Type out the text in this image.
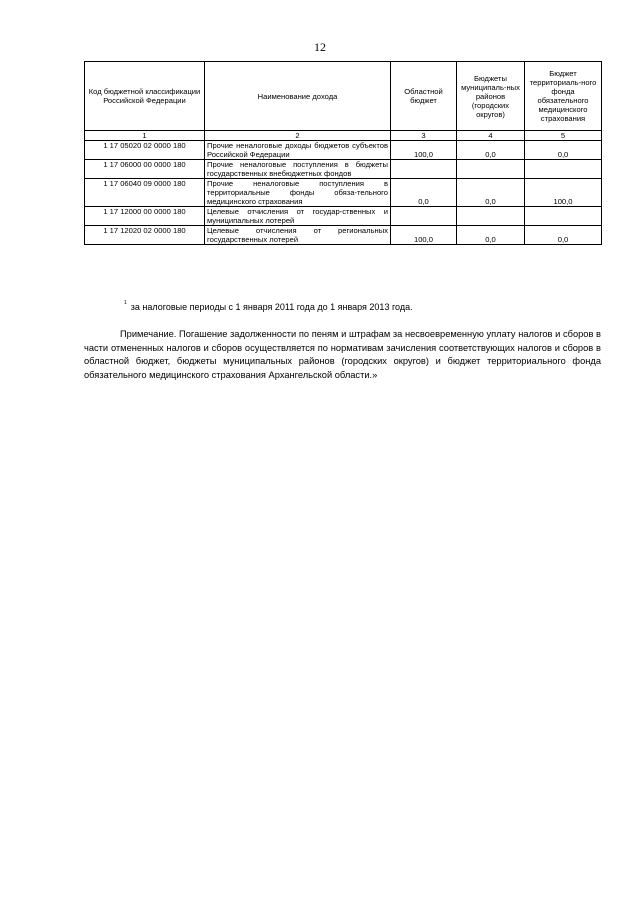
12
Код бюджетной классификации Российской Федерации	Наименование дохода	Областной бюджет	Бюджеты муниципаль-ных районов (городских округов)	Бюджет территориаль-ного фонда обязательного медицинского страхования
1	2	3	4	5
1 17 05020 02 0000 180	Прочие неналоговые доходы бюджетов субъектов Российской Федерации	100,0	0,0	0,0
1 17 06000 00 0000 180	Прочие неналоговые поступления в бюджеты государственных внебюджетных фондов			
1 17 06040 09 0000 180	Прочие неналоговые поступления в территориальные фонды обяза-тельного медицинского страхования	0,0	0,0	100,0
1 17 12000 00 0000 180	Целевые отчисления от государ-ственных и муниципальных лотерей			
1 17 12020 02 0000 180	Целевые отчисления от региональных государственных лотерей	100,0	0,0	0,0
$^1$ за налоговые периоды с 1 января 2011 года до 1 января 2013 года.

Примечание. Погашение задолженности по пеням и штрафам за несвоевременную уплату налогов и сборов в части отмененных налогов и сборов осуществляется по нормативам зачисления соответствующих налогов и сборов в областной бюджет, бюджеты муниципальных районов (городских округов) и бюджет территориального фонда обязательного медицинского страхования Архангельской области.»
